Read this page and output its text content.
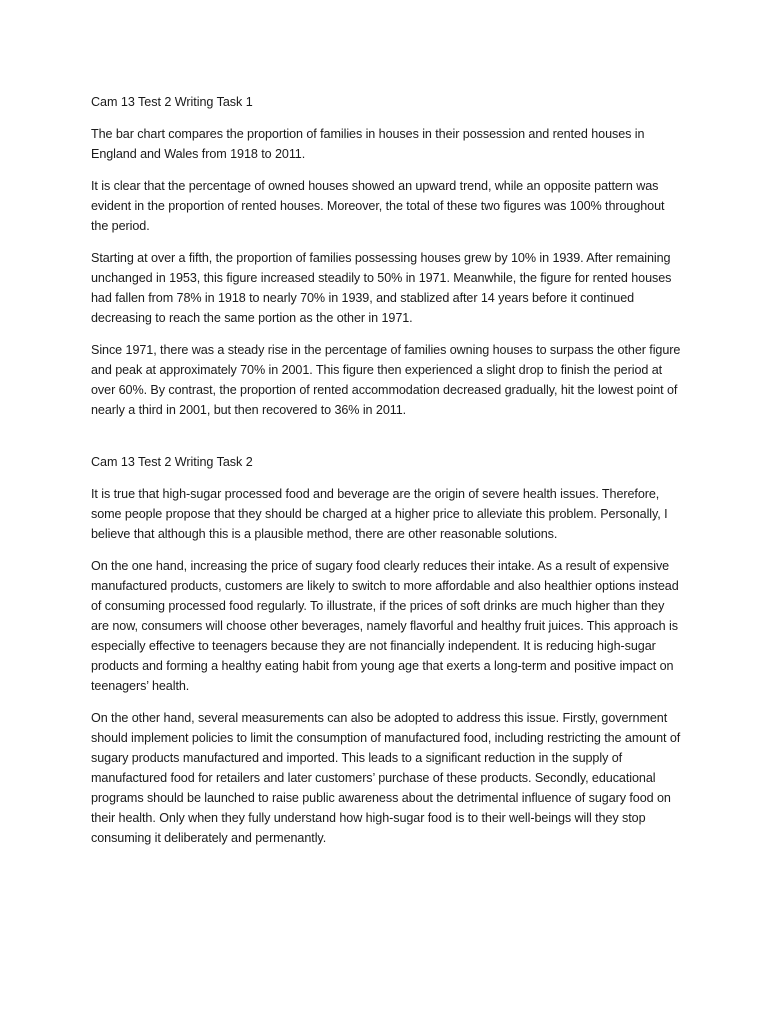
Cam 13 Test 2 Writing Task 1

The bar chart compares the proportion of families in houses in their possession and rented houses in England and Wales from 1918 to 2011.

It is clear that the percentage of owned houses showed an upward trend, while an opposite pattern was evident in the proportion of rented houses. Moreover, the total of these two figures was 100% throughout the period.

Starting at over a fifth, the proportion of families possessing houses grew by 10% in 1939. After remaining unchanged in 1953, this figure increased steadily to 50% in 1971. Meanwhile, the figure for rented houses had fallen from 78% in 1918 to nearly 70% in 1939, and stablized after 14 years before it continued decreasing to reach the same portion as the other in 1971.

Since 1971, there was a steady rise in the percentage of families owning houses to surpass the other figure and peak at approximately 70% in 2001. This figure then experienced a slight drop to finish the period at over 60%. By contrast, the proportion of rented accommodation decreased gradually, hit the lowest point of nearly a third in 2001, but then recovered to 36% in 2011.

Cam 13 Test 2 Writing Task 2

It is true that high-sugar processed food and beverage are the origin of severe health issues. Therefore, some people propose that they should be charged at a higher price to alleviate this problem. Personally, I believe that although this is a plausible method, there are other reasonable solutions.

On the one hand, increasing the price of sugary food clearly reduces their intake. As a result of expensive manufactured products, customers are likely to switch to more affordable and also healthier options instead of consuming processed food regularly. To illustrate, if the prices of soft drinks are much higher than they are now, consumers will choose other beverages, namely flavorful and healthy fruit juices. This approach is especially effective to teenagers because they are not financially independent. It is reducing high-sugar products and forming a healthy eating habit from young age that exerts a long-term and positive impact on teenagers’ health.

On the other hand, several measurements can also be adopted to address this issue. Firstly, government should implement policies to limit the consumption of manufactured food, including restricting the amount of sugary products manufactured and imported. This leads to a significant reduction in the supply of manufactured food for retailers and later customers’ purchase of these products. Secondly, educational programs should be launched to raise public awareness about the detrimental influence of sugary food on their health. Only when they fully understand how high-sugar food is to their well-beings will they stop consuming it deliberately and permenantly.
